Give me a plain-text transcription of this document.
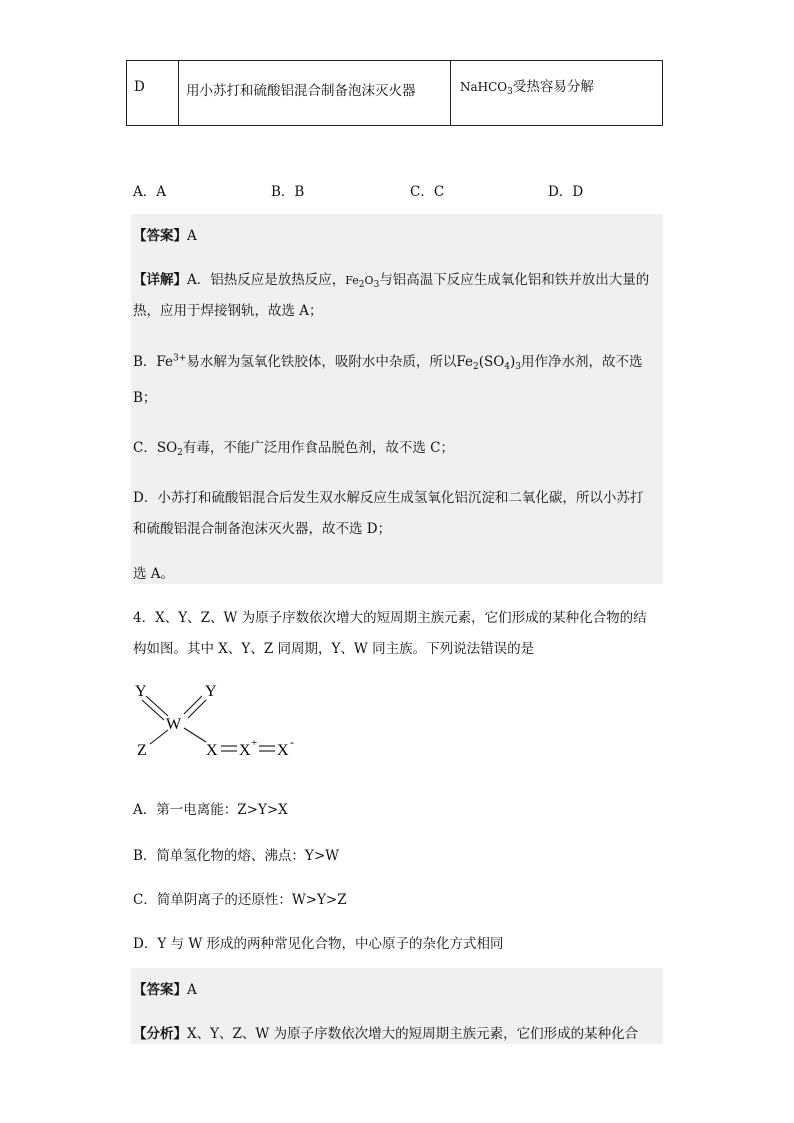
D	用小苏打和硫酸铝混合制备泡沫灭火器	NaHCO$_3$受热容易分解
A．A	B．B	C．C	D．D
【答案】A
【详解】A．铝热反应是放热反应，$Fe_2O_3$与铝高温下反应生成氧化铝和铁并放出大量的
热，应用于焊接钢轨，故选 A；
B．$Fe^{3+}$易水解为氢氧化铁胶体，吸附水中杂质，所以$Fe_2(SO_4)_3$用作净水剂，故不选
B；
C．$SO_2$有毒，不能广泛用作食品脱色剂，故不选 C；
D．小苏打和硫酸铝混合后发生双水解反应生成氢氧化铝沉淀和二氧化碳，所以小苏打
和硫酸铝混合制备泡沫灭火器，故不选 D；
选 A。
4．X、Y、Z、W 为原子序数依次增大的短周期主族元素，它们形成的某种化合物的结
构如图。其中 X、Y、Z 同周期，Y、W 同主族。下列说法错误的是
Y	Y
W
Z	X X + X -
A．第一电离能：Z>Y>X
B．简单氢化物的熔、沸点：Y>W
C．简单阴离子的还原性：W>Y>Z
D．Y 与 W 形成的两种常见化合物，中心原子的杂化方式相同
【答案】A
【分析】X、Y、Z、W 为原子序数依次增大的短周期主族元素，它们形成的某种化合
